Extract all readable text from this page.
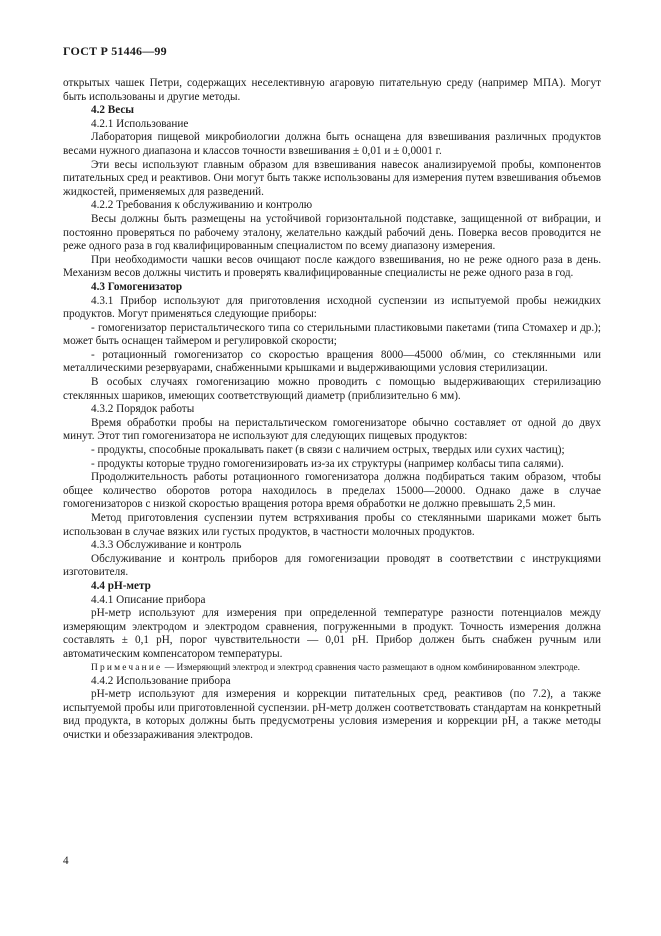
ГОСТ Р 51446—99

открытых чашек Петри, содержащих неселективную агаровую питательную среду (например МПА). Могут быть использованы и другие методы.

4.2 Весы

4.2.1 Использование

Лаборатория пищевой микробиологии должна быть оснащена для взвешивания различных продуктов весами нужного диапазона и классов точности взвешивания ± 0,01 и ± 0,0001 г.

Эти весы используют главным образом для взвешивания навесок анализируемой пробы, компонентов питательных сред и реактивов. Они могут быть также использованы для измерения путем взвешивания объемов жидкостей, применяемых для разведений.

4.2.2 Требования к обслуживанию и контролю

Весы должны быть размещены на устойчивой горизонтальной подставке, защищенной от вибрации, и постоянно проверяться по рабочему эталону, желательно каждый рабочий день. Поверка весов проводится не реже одного раза в год квалифицированным специалистом по всему диапазону измерения.

При необходимости чашки весов очищают после каждого взвешивания, но не реже одного раза в день. Механизм весов должны чистить и проверять квалифицированные специалисты не реже одного раза в год.

4.3 Гомогенизатор

4.3.1 Прибор используют для приготовления исходной суспензии из испытуемой пробы нежидких продуктов. Могут применяться следующие приборы:

- гомогенизатор перистальтического типа со стерильными пластиковыми пакетами (типа Стомахер и др.); может быть оснащен таймером и регулировкой скорости;

- ротационный гомогенизатор со скоростью вращения 8000—45000 об/мин, со стеклянными или металлическими резервуарами, снабженными крышками и выдерживающими условия стерилизации.

В особых случаях гомогенизацию можно проводить с помощью выдерживающих стерилизацию стеклянных шариков, имеющих соответствующий диаметр (приблизительно 6 мм).

4.3.2 Порядок работы

Время обработки пробы на перистальтическом гомогенизаторе обычно составляет от одной до двух минут. Этот тип гомогенизатора не используют для следующих пищевых продуктов:

- продукты, способные прокалывать пакет (в связи с наличием острых, твердых или сухих частиц);

- продукты которые трудно гомогенизировать из-за их структуры (например колбасы типа салями).

Продолжительность работы ротационного гомогенизатора должна подбираться таким образом, чтобы общее количество оборотов ротора находилось в пределах 15000—20000. Однако даже в случае гомогенизаторов с низкой скоростью вращения ротора время обработки не должно превышать 2,5 мин.

Метод приготовления суспензии путем встряхивания пробы со стеклянными шариками может быть использован в случае вязких или густых продуктов, в частности молочных продуктов.

4.3.3 Обслуживание и контроль

Обслуживание и контроль приборов для гомогенизации проводят в соответствии с инструкциями изготовителя.

4.4 pH-метр

4.4.1 Описание прибора

pH-метр используют для измерения при определенной температуре разности потенциалов между измеряющим электродом и электродом сравнения, погруженными в продукт. Точность измерения должна составлять ± 0,1 pH, порог чувствительности — 0,01 pH. Прибор должен быть снабжен ручным или автоматическим компенсатором температуры.

Примечание — Измеряющий электрод и электрод сравнения часто размещают в одном комбинированном электроде.

4.4.2 Использование прибора

pH-метр используют для измерения и коррекции питательных сред, реактивов (по 7.2), а также испытуемой пробы или приготовленной суспензии. pH-метр должен соответствовать стандартам на конкретный вид продукта, в которых должны быть предусмотрены условия измерения и коррекции pH, а также методы очистки и обеззараживания электродов.

4
